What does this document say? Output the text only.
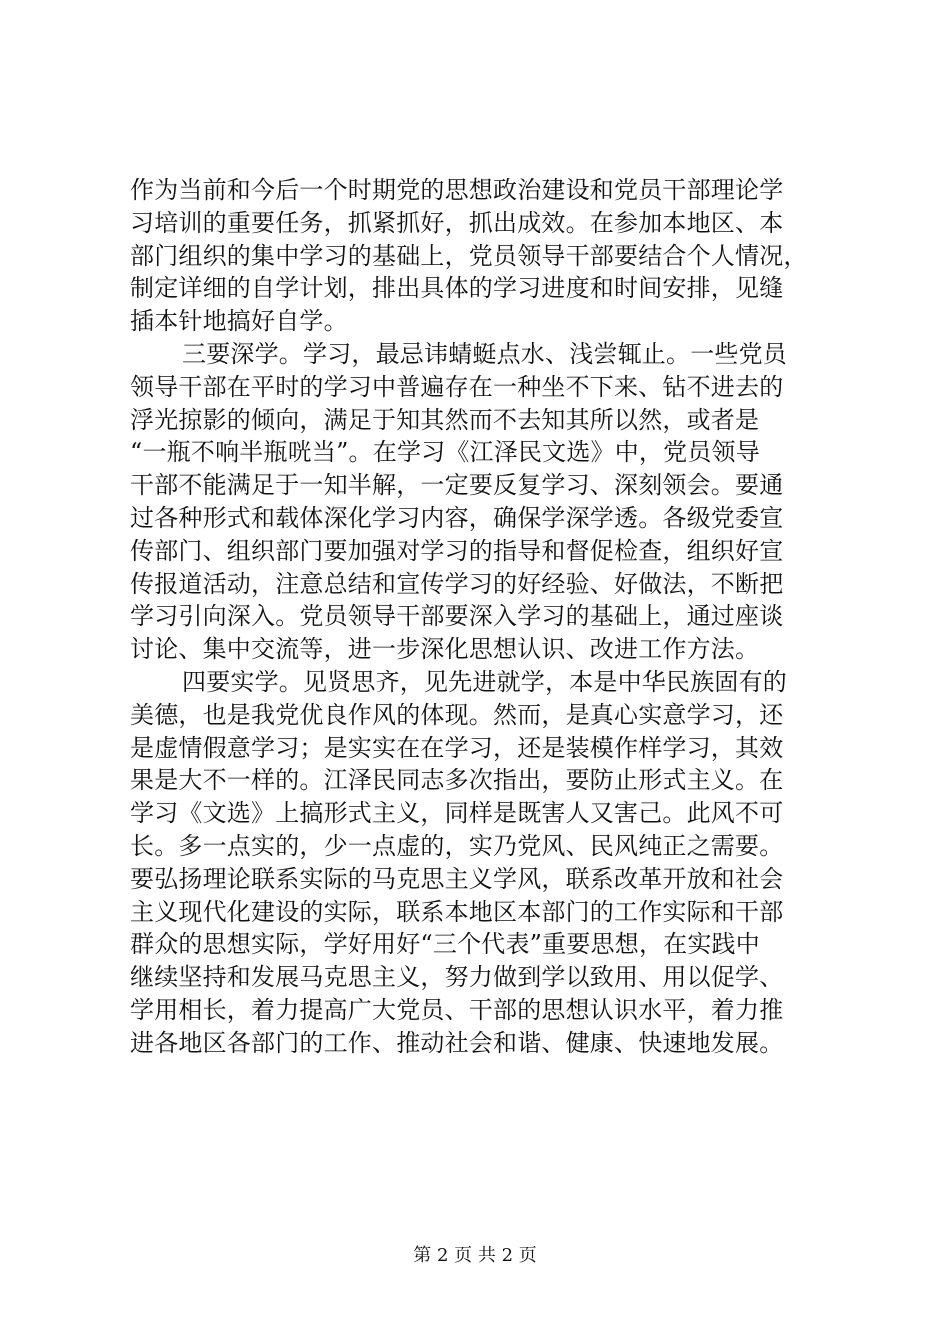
作为当前和今后一个时期党的思想政治建设和党员干部理论学
习培训的重要任务，抓紧抓好，抓出成效。在参加本地区、本
部门组织的集中学习的基础上，党员领导干部要结合个人情况，
制定详细的自学计划，排出具体的学习进度和时间安排，见缝
插本针地搞好自学。
三要深学。学习，最忌讳蜻蜓点水、浅尝辄止。一些党员
领导干部在平时的学习中普遍存在一种坐不下来、钻不进去的
浮光掠影的倾向，满足于知其然而不去知其所以然，或者是
“一瓶不响半瓶咣当”。在学习《江泽民文选》中，党员领导
干部不能满足于一知半解，一定要反复学习、深刻领会。要通
过各种形式和载体深化学习内容，确保学深学透。各级党委宣
传部门、组织部门要加强对学习的指导和督促检查，组织好宣
传报道活动，注意总结和宣传学习的好经验、好做法，不断把
学习引向深入。党员领导干部要深入学习的基础上，通过座谈
讨论、集中交流等，进一步深化思想认识、改进工作方法。
四要实学。见贤思齐，见先进就学，本是中华民族固有的
美德，也是我党优良作风的体现。然而，是真心实意学习，还
是虚情假意学习；是实实在在学习，还是装模作样学习，其效
果是大不一样的。江泽民同志多次指出，要防止形式主义。在
学习《文选》上搞形式主义，同样是既害人又害己。此风不可
长。多一点实的，少一点虚的，实乃党风、民风纯正之需要。
要弘扬理论联系实际的马克思主义学风，联系改革开放和社会
主义现代化建设的实际，联系本地区本部门的工作实际和干部
群众的思想实际，学好用好“三个代表”重要思想，在实践中
继续坚持和发展马克思主义，努力做到学以致用、用以促学、
学用相长，着力提高广大党员、干部的思想认识水平，着力推
进各地区各部门的工作、推动社会和谐、健康、快速地发展。
第 2 页 共 2 页
